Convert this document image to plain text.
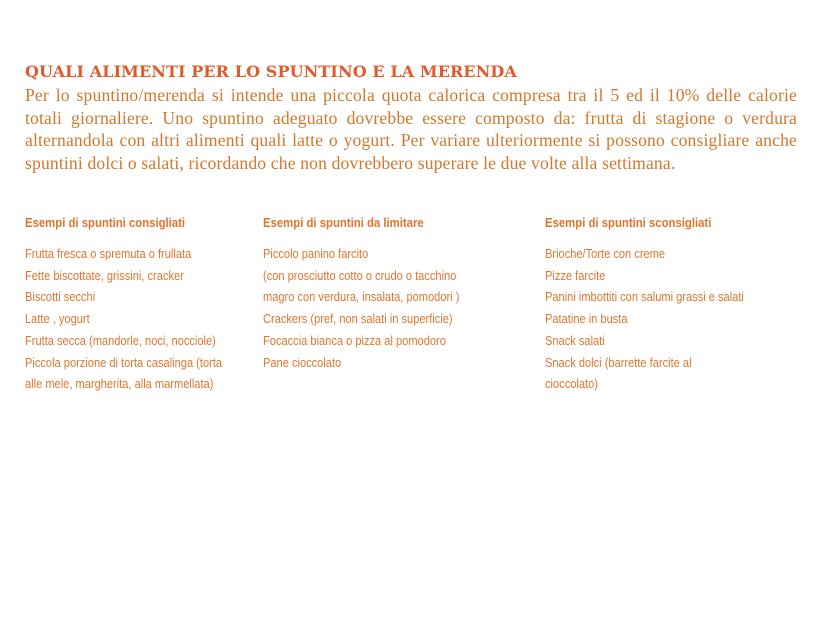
QUALI ALIMENTI PER LO SPUNTINO E LA MERENDA

Per lo spuntino/merenda si intende una piccola quota calorica compresa tra il 5 ed il 10% delle calorie totali giornaliere. Uno spuntino adeguato dovrebbe essere composto da: frutta di stagione o verdura alternandola con altri alimenti quali latte o yogurt. Per variare ulteriormente si possono consigliare anche spuntini dolci o salati, ricordando che non dovrebbero superare le due volte alla settimana.

Esempi di spuntini consigliati
Frutta fresca o spremuta o frullata
Fette biscottate, grissini, cracker
Biscotti secchi
Latte , yogurt
Frutta secca (mandorle, noci, nocciole)
Piccola porzione di torta casalinga (torta
alle mele, margherita, alla marmellata)
Esempi di spuntini da limitare
Piccolo panino farcito
(con prosciutto cotto o crudo o tacchino
magro con verdura, insalata, pomodori )
Crackers (pref, non salati in superficie)
Focaccia bianca o pizza al pomodoro
Pane cioccolato
Esempi di spuntini sconsigliati
Brioche/Torte con creme
Pizze farcite
Panini imbottiti con salumi grassi e salati
Patatine in busta
Snack salati
Snack dolci (barrette farcite al
cioccolato)
